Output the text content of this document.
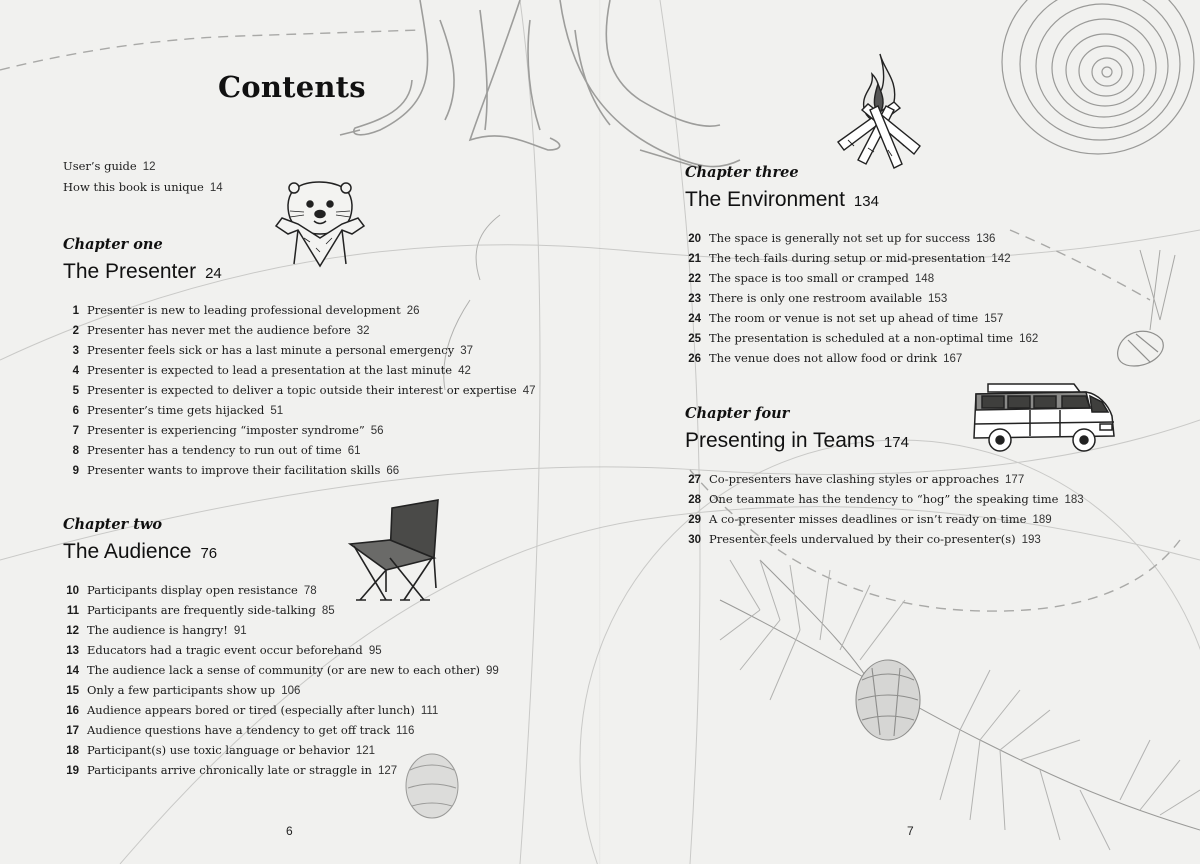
Contents
User’s guide 12
How this book is unique 14

Chapter one

The Presenter 24
1 Presenter is new to leading professional development 26
2 Presenter has never met the audience before 32
3 Presenter feels sick or has a last minute a personal emergency 37
4 Presenter is expected to lead a presentation at the last minute 42
5 Presenter is expected to deliver a topic outside their interest or expertise 47
6 Presenter’s time gets hijacked 51
7 Presenter is experiencing “imposter syndrome” 56
8 Presenter has a tendency to run out of time 61
9 Presenter wants to improve their facilitation skills 66

Chapter two

The Audience 76
10 Participants display open resistance 78
11 Participants are frequently side-talking 85
12 The audience is hangry! 91
13 Educators had a tragic event occur beforehand 95
14 The audience lack a sense of community (or are new to each other) 99
15 Only a few participants show up 106
16 Audience appears bored or tired (especially after lunch) 111
17 Audience questions have a tendency to get off track 116
18 Participant(s) use toxic language or behavior 121
19 Participants arrive chronically late or straggle in 127
6

Chapter three

The Environment 134
20 The space is generally not set up for success 136
21 The tech fails during setup or mid-presentation 142
22 The space is too small or cramped 148
23 There is only one restroom available 153
24 The room or venue is not set up ahead of time 157
25 The presentation is scheduled at a non-optimal time 162
26 The venue does not allow food or drink 167

Chapter four

Presenting in Teams 174
27 Co-presenters have clashing styles or approaches 177
28 One teammate has the tendency to “hog” the speaking time 183
29 A co-presenter misses deadlines or isn’t ready on time 189
30 Presenter feels undervalued by their co-presenter(s) 193
7
